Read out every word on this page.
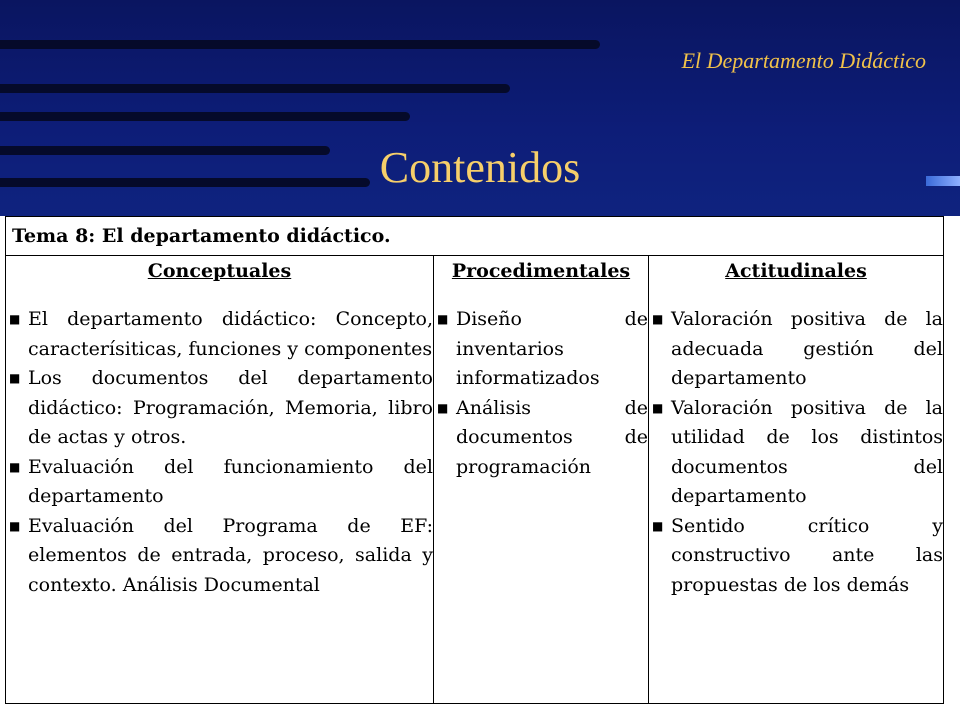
El Departamento Didáctico
Contenidos
Tema 8: El departamento didáctico.

Conceptuales
■ El departamento didáctico: Concepto, caracterísiticas, funciones y componentes
■ Los documentos del departamento didáctico: Programación, Memoria, libro de actas y otros.
■ Evaluación del funcionamiento del departamento
■ Evaluación del Programa de EF: elementos de entrada, proceso, salida y contexto. Análisis Documental

Procedimentales
■ Diseño de inventarios informatizados
■ Análisis de documentos de programación

Actitudinales
■ Valoración positiva de la adecuada gestión del departamento
■ Valoración positiva de la utilidad de los distintos documentos del departamento
■ Sentido crítico y constructivo ante las propuestas de los demás
